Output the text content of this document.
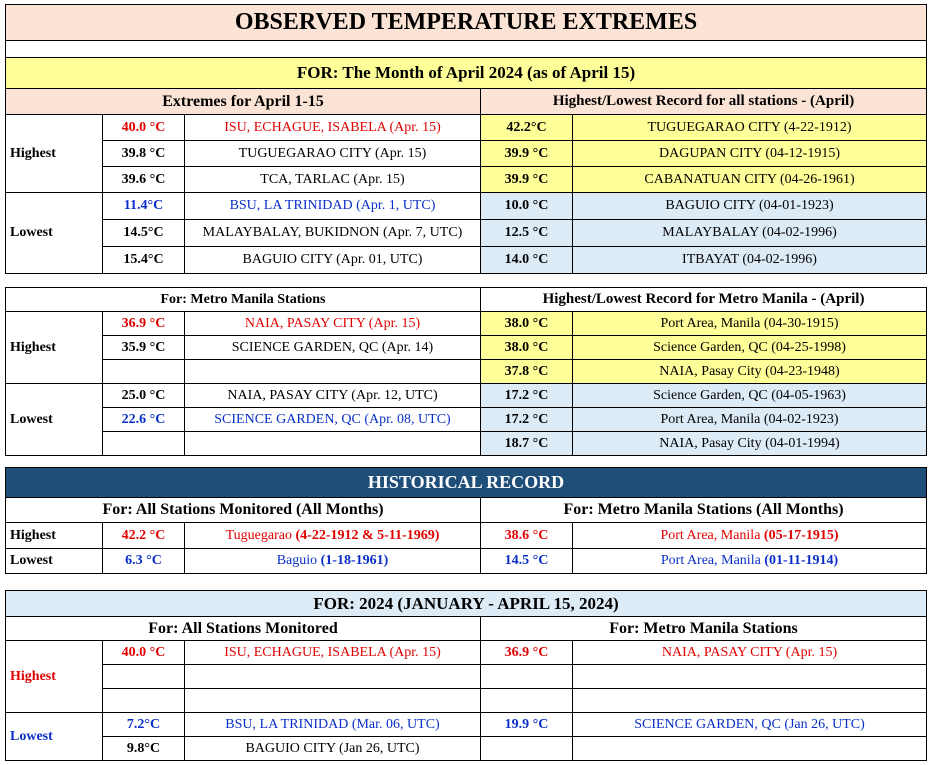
OBSERVED TEMPERATURE EXTREMES				

FOR: The Month of April 2024 (as of April 15)				
Extremes for April 1-15			Highest/Lowest Record for all stations - (April)	
Highest	40.0 °C	ISU, ECHAGUE, ISABELA (Apr. 15)	42.2°C	TUGUEGARAO CITY (4-22-1912)
	39.8 °C	TUGUEGARAO CITY (Apr. 15)	39.9 °C	DAGUPAN CITY (04-12-1915)
	39.6 °C	TCA, TARLAC (Apr. 15)	39.9 °C	CABANATUAN CITY (04-26-1961)
Lowest	11.4°C	BSU, LA TRINIDAD (Apr. 1, UTC)	10.0 °C	BAGUIO CITY (04-01-1923)
	14.5°C	MALAYBALAY, BUKIDNON (Apr. 7, UTC)	12.5 °C	MALAYBALAY (04-02-1996)
	15.4°C	BAGUIO CITY (Apr. 01, UTC)	14.0 °C	ITBAYAT (04-02-1996)
For: Metro Manila Stations			Highest/Lowest Record for Metro Manila - (April)	
Highest	36.9 °C	NAIA, PASAY CITY (Apr. 15)	38.0 °C	Port Area, Manila (04-30-1915)
	35.9 °C	SCIENCE GARDEN, QC (Apr. 14)	38.0 °C	Science Garden, QC (04-25-1998)
			37.8 °C	NAIA, Pasay City (04-23-1948)
Lowest	25.0 °C	NAIA, PASAY CITY (Apr. 12, UTC)	17.2 °C	Science Garden, QC (04-05-1963)
	22.6 °C	SCIENCE GARDEN, QC (Apr. 08, UTC)	17.2 °C	Port Area, Manila (04-02-1923)
			18.7 °C	NAIA, Pasay City (04-01-1994)
HISTORICAL RECORD				
For: All Stations Monitored (All Months)			For: Metro Manila Stations (All Months)	
Highest	42.2 °C	Tuguegarao (4-22-1912 & 5-11-1969)	38.6 °C	Port Area, Manila (05-17-1915)
Lowest	6.3 °C	Baguio (1-18-1961)	14.5 °C	Port Area, Manila (01-11-1914)
FOR: 2024 (JANUARY - APRIL 15, 2024)				
For: All Stations Monitored			For: Metro Manila Stations	
Highest	40.0 °C	ISU, ECHAGUE, ISABELA (Apr. 15)	36.9 °C	NAIA, PASAY CITY (Apr. 15)

Lowest	7.2°C	BSU, LA TRINIDAD (Mar. 06, UTC)	19.9 °C	SCIENCE GARDEN, QC (Jan 26, UTC)
	9.8°C	BAGUIO CITY (Jan 26, UTC)		
